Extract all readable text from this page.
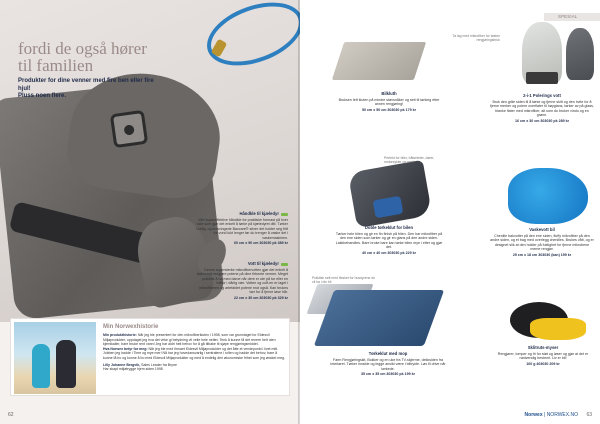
fordi de også hører
til familien
Produkter for dine venner med fire ben eller fire hjul!
Pluss noen flere.
Håndkle til kjæledyr
Vårt supereffektive håndkle for praktiske formast på hver side som gjør det enkelt å tørke på kjæledyret ditt. Tørker hurtig, og innsvingede Baccare® sikrer det holder seg fritt for vond lukt lenger før du trenger å vaske det i vaskemaskinen.
60 cm x 90 cm 303030 pk 389 kr
Vott til kjæledyr
Denne supersterke mikrofibervotten gjør det enkelt å skånsomt rengjøre potene på dine firbente venner. Meget praktisk å ha med dame når dere er ute på tur eller en lufttur i dårlig vær. Votten og cuff-en er laget i mikrofiberen og artefaktet potene mot også. Kan brukes tørr for å fjerne løse hår.
22 cm x 30 cm 303030 pk 329 kr
Min Norwexhistorie
Min produkthistorie: Når jeg ble presentert for den mikrofiberkluten i 1998, som var grunnlaget for Eldesvil Miljøprodukter, oppdaget jeg hva det virke gi betydning vil veile hele nettet. Tenk å kunne få det renere helt uten kjemikalier, bare bruke rent vann! Jeg har aldri helt behov for å gå tilbake til sjøpe rengjøringsmiddel.
Hva Norwex betyr for meg: Når jeg ble med firmaet Eldesvil Miljøprodukter og det åtte et vendepunkt i livet mitt. Jobben jeg hadde i Time og mye mer! Nå har jeg hovedansvarlig i sentralene i rollen og hadde det behov, bare å kunne få bo og kunne å bo med Eldesvil Miljøprodukter og med å endelig den økonomiske frihet som jeg ønsket meg.
Lilly Johanne Bergvik, Sales Leader fra Bryne
Har skapt miljøtrygge hjem siden 1998
62
SPESIAL
Ta lag med mikrofiber for løsten rengjøringsbruk
Perfekt for biler, båtseteter, dører, motorsykler og mer!
Praktisk sett med flesket for husdyrene du vil ha i din bil
Bilkluth
Bruksen tett kluten på mindre støvsnåker og sett til tørking etter annen rengjøring!
50 cm x 50 cm 303030 pk 179 kr
2-i-1 Polerings vott
Bruk den gråe siden til å tørke og fjerne skitt og den hvite for å fjerne merker og polere overflater til høyglans, tørker av på glass, blanke flater med mikrofiber, alt som du bruker vindu og en grønn.
16 cm x 30 cm 303030 pk 289 kr
Doble tørkeklut for bilen
Tørker hele bilen og gir en fin finish på bilen. Den har mikrofiber på den ene siden som tørker og gir en glans på den andre siden. Lakkbehandles. Bare bruke bare kan tørke bilen mye i etter og gjør det.
40 cm x 40 cm 303030 pk 229 kr
Vaskevott bil
Chenille bakvotter på den ene siden, fluffy mikrofiber på den andre siden, og et bag med overlegg chenilles. Brukes vått, og er designet slik at den holder på fuktighet for fjerne mikrobene meme rengjør.
25 cm x 18 cm 303030 (kan) 199 kr
Tørkeklut med mop
Farm Rengjøringskit, Bokker og en uke fra TV-skjerme, dekksiden fra interiøret. Tørker innside og legge ansikt være i biltrykte. Løs til drive når tørkede.
35 cm x 35 cm 303030 pk 199 kr
Sklitruts-myser
Rengjører, tomper og fri for støt og løser og gjør at det er nødvendig bestemt. Liv er bil!
100 g 403030 209 kr
Norwex | NORWEX.NO 63
